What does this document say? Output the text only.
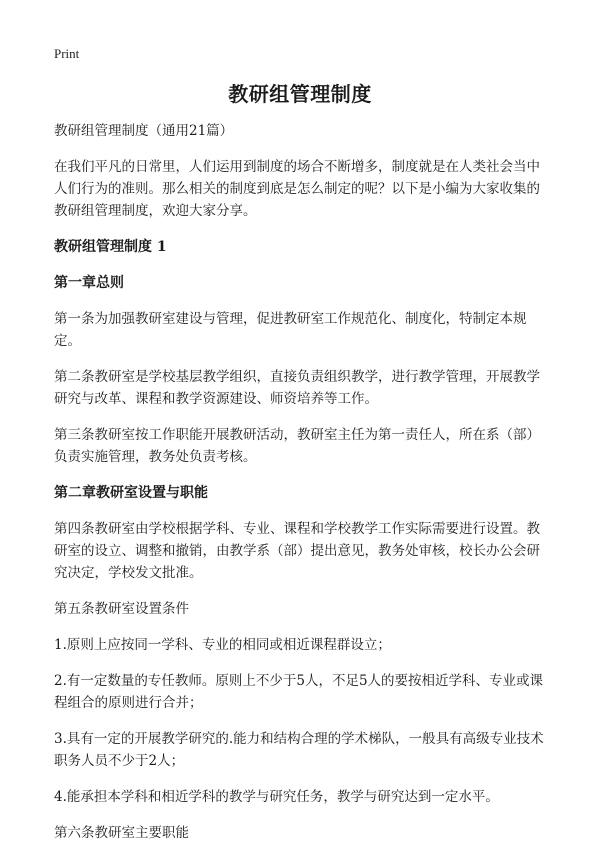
Print
教研组管理制度

教研组管理制度（通用21篇）

在我们平凡的日常里，人们运用到制度的场合不断增多，制度就是在人类社会当中人们行为的准则。那么相关的制度到底是怎么制定的呢？以下是小编为大家收集的教研组管理制度，欢迎大家分享。

教研组管理制度 1
第一章总则

第一条为加强教研室建设与管理，促进教研室工作规范化、制度化，特制定本规定。

第二条教研室是学校基层教学组织，直接负责组织教学，进行教学管理，开展教学研究与改革、课程和教学资源建设、师资培养等工作。

第三条教研室按工作职能开展教研活动，教研室主任为第一责任人，所在系（部）负责实施管理，教务处负责考核。

第二章教研室设置与职能

第四条教研室由学校根据学科、专业、课程和学校教学工作实际需要进行设置。教研室的设立、调整和撤销，由教学系（部）提出意见，教务处审核，校长办公会研究决定，学校发文批准。

第五条教研室设置条件

1.原则上应按同一学科、专业的相同或相近课程群设立；

2.有一定数量的专任教师。原则上不少于5人，不足5人的要按相近学科、专业或课程组合的原则进行合并；

3.具有一定的开展教学研究的.能力和结构合理的学术梯队，一般具有高级专业技术职务人员不少于2人；

4.能承担本学科和相近学科的教学与研究任务，教学与研究达到一定水平。

第六条教研室主要职能
